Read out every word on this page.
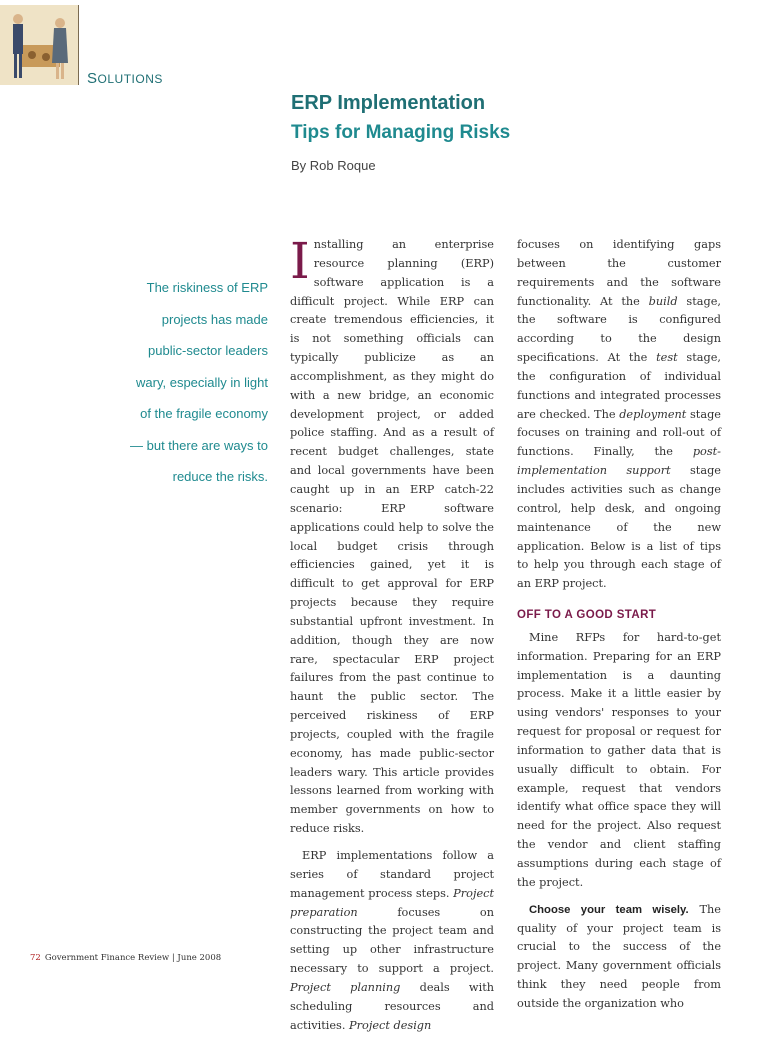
SOLUTIONS
ERP Implementation
Tips for Managing Risks
By Rob Roque
The riskiness of ERP projects has made public-sector leaders wary, especially in light of the fragile economy — but there are ways to reduce the risks.

Installing an enterprise resource planning (ERP) software application is a difficult project. While ERP can create tremendous efficiencies, it is not something officials can typically publicize as an accomplishment, as they might do with a new bridge, an economic development project, or added police staffing. And as a result of recent budget challenges, state and local governments have been caught up in an ERP catch-22 scenario: ERP software applications could help to solve the local budget crisis through efficiencies gained, yet it is difficult to get approval for ERP projects because they require substantial upfront investment. In addition, though they are now rare, spectacular ERP project failures from the past continue to haunt the public sector. The perceived riskiness of ERP projects, coupled with the fragile economy, has made public-sector leaders wary. This article provides lessons learned from working with member governments on how to reduce risks.

ERP implementations follow a series of standard project management process steps. Project preparation focuses on constructing the project team and setting up other infrastructure necessary to support a project. Project planning deals with scheduling resources and activities. Project design

focuses on identifying gaps between the customer requirements and the software functionality. At the build stage, the software is configured according to the design specifications. At the test stage, the configuration of individual functions and integrated processes are checked. The deployment stage focuses on training and roll-out of functions. Finally, the post-implementation support stage includes activities such as change control, help desk, and ongoing maintenance of the new application. Below is a list of tips to help you through each stage of an ERP project.

OFF TO A GOOD START

Mine RFPs for hard-to-get information. Preparing for an ERP implementation is a daunting process. Make it a little easier by using vendors' responses to your request for proposal or request for information to gather data that is usually difficult to obtain. For example, request that vendors identify what office space they will need for the project. Also request the vendor and client staffing assumptions during each stage of the project.

Choose your team wisely. The quality of your project team is crucial to the success of the project. Many government officials think they need people from outside the organization who

72 Government Finance Review | June 2008
